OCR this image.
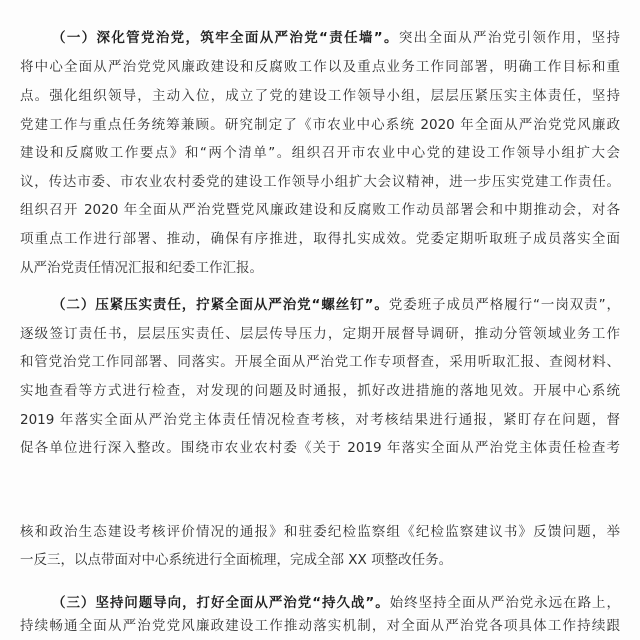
（一）深化管党治党，筑牢全面从严治党“责任墙”。突出全面从严治党引领作用，坚持
将中心全面从严治党党风廉政建设和反腐败工作以及重点业务工作同部署，明确工作目标和重
点。强化组织领导，主动入位，成立了党的建设工作领导小组，层层压紧压实主体责任，坚持
党建工作与重点任务统筹兼顾。研究制定了《市农业中心系统 2020 年全面从严治党党风廉政
建设和反腐败工作要点》和“两个清单”。组织召开市农业中心党的建设工作领导小组扩大会
议，传达市委、市农业农村委党的建设工作领导小组扩大会议精神，进一步压实党建工作责任。
组织召开 2020 年全面从严治党暨党风廉政建设和反腐败工作动员部署会和中期推动会，对各
项重点工作进行部署、推动，确保有序推进，取得扎实成效。党委定期听取班子成员落实全面
从严治党责任情况汇报和纪委工作汇报。
（二）压紧压实责任，拧紧全面从严治党“螺丝钉”。党委班子成员严格履行“一岗双责”，
逐级签订责任书，层层压实责任、层层传导压力，定期开展督导调研，推动分管领域业务工作
和管党治党工作同部署、同落实。开展全面从严治党工作专项督查，采用听取汇报、查阅材料、
实地查看等方式进行检查，对发现的问题及时通报，抓好改进措施的落地见效。开展中心系统
2019 年落实全面从严治党主体责任情况检查考核，对考核结果进行通报，紧盯存在问题，督
促各单位进行深入整改。围绕市农业农村委《关于 2019 年落实全面从严治党主体责任检查考
核和政治生态建设考核评价情况的通报》和驻委纪检监察组《纪检监察建议书》反馈问题，举
一反三，以点带面对中心系统进行全面梳理，完成全部 XX 项整改任务。
（三）坚持问题导向，打好全面从严治党“持久战”。始终坚持全面从严治党永远在路上，
持续畅通全面从严治党党风廉政建设工作推动落实机制，对全面从严治党各项具体工作持续跟
